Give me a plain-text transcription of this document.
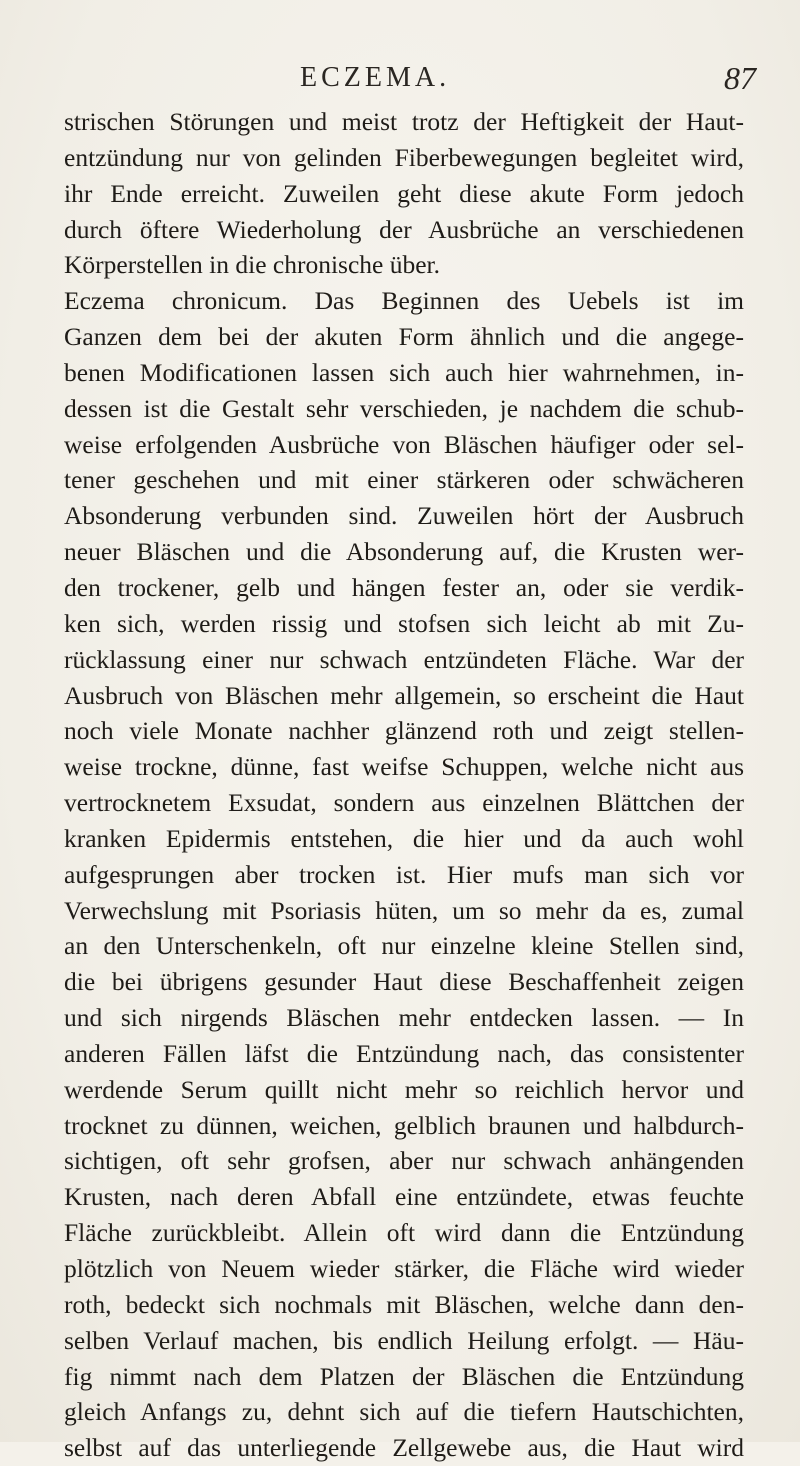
ECZEMA.	87
strischen Störungen und meist trotz der Heftigkeit der Haut-
entzündung nur von gelinden Fiberbewegungen begleitet wird,
ihr Ende erreicht. Zuweilen geht diese akute Form jedoch
durch öftere Wiederholung der Ausbrüche an verschiedenen
Körperstellen in die chronische über.
Eczema chronicum. Das Beginnen des Uebels ist im
Ganzen dem bei der akuten Form ähnlich und die angege-
benen Modificationen lassen sich auch hier wahrnehmen, in-
dessen ist die Gestalt sehr verschieden, je nachdem die schub-
weise erfolgenden Ausbrüche von Bläschen häufiger oder sel-
tener geschehen und mit einer stärkeren oder schwächeren
Absonderung verbunden sind. Zuweilen hört der Ausbruch
neuer Bläschen und die Absonderung auf, die Krusten wer-
den trockener, gelb und hängen fester an, oder sie verdik-
ken sich, werden rissig und stofsen sich leicht ab mit Zu-
rücklassung einer nur schwach entzündeten Fläche. War der
Ausbruch von Bläschen mehr allgemein, so erscheint die Haut
noch viele Monate nachher glänzend roth und zeigt stellen-
weise trockne, dünne, fast weifse Schuppen, welche nicht aus
vertrocknetem Exsudat, sondern aus einzelnen Blättchen der
kranken Epidermis entstehen, die hier und da auch wohl
aufgesprungen aber trocken ist. Hier mufs man sich vor
Verwechslung mit Psoriasis hüten, um so mehr da es, zumal
an den Unterschenkeln, oft nur einzelne kleine Stellen sind,
die bei übrigens gesunder Haut diese Beschaffenheit zeigen
und sich nirgends Bläschen mehr entdecken lassen. — In
anderen Fällen läfst die Entzündung nach, das consistenter
werdende Serum quillt nicht mehr so reichlich hervor und
trocknet zu dünnen, weichen, gelblich braunen und halbdurch-
sichtigen, oft sehr grofsen, aber nur schwach anhängenden
Krusten, nach deren Abfall eine entzündete, etwas feuchte
Fläche zurückbleibt. Allein oft wird dann die Entzündung
plötzlich von Neuem wieder stärker, die Fläche wird wieder
roth, bedeckt sich nochmals mit Bläschen, welche dann den-
selben Verlauf machen, bis endlich Heilung erfolgt. — Häu-
fig nimmt nach dem Platzen der Bläschen die Entzündung
gleich Anfangs zu, dehnt sich auf die tiefern Hautschichten,
selbst auf das unterliegende Zellgewebe aus, die Haut wird
